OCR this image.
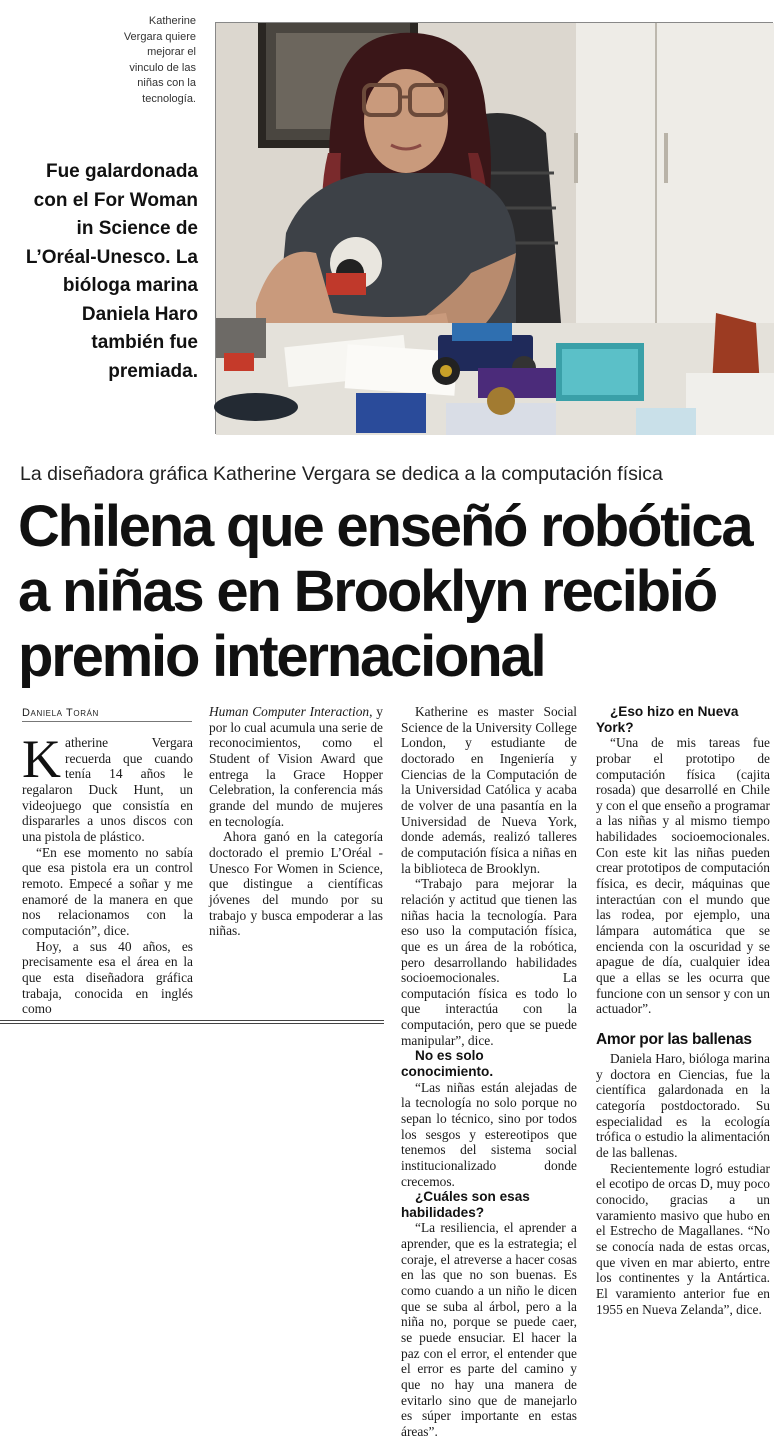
Katherine Vergara quiere mejorar el vinculo de las niñas con la tecnología.
Fue galardonada con el For Woman in Science de L’Oréal-Unesco. La bióloga marina Daniela Haro también fue premiada.
La diseñadora gráfica Katherine Vergara se dedica a la computación física
Chilena que enseñó robótica
a niñas en Brooklyn recibió
premio internacional
Daniela Torán

Katherine Vergara recuerda que cuando tenía 14 años le regalaron Duck Hunt, un videojuego que consistía en dispararles a unos discos con una pistola de plástico.

“En ese momento no sabía que esa pistola era un control remoto. Empecé a soñar y me enamoré de la manera en que nos relacionamos con la computación”, dice.

Hoy, a sus 40 años, es precisamente esa el área en la que esta diseñadora gráfica trabaja, conocida en inglés como

Human Computer Interaction, y por lo cual acumula una serie de reconocimientos, como el Student of Vision Award que entrega la Grace Hopper Celebration, la conferencia más grande del mundo de mujeres en tecnología.

Ahora ganó en la categoría doctorado el premio L’Oréal -Unesco For Women in Science, que distingue a científicas jóvenes del mundo por su trabajo y busca empoderar a las niñas.

Katherine es master Social Science de la University College London, y estudiante de doctorado en Ingeniería y Ciencias de la Computación de la Universidad Católica y acaba de volver de una pasantía en la Universidad de Nueva York, donde además, realizó talleres de computación física a niñas en la biblioteca de Brooklyn.

“Trabajo para mejorar la relación y actitud que tienen las niñas hacia la tecnología. Para eso uso la computación física, que es un área de la robótica, pero desarrollando habilidades socioemocionales. La computación física es todo lo que interactúa con la computación, pero que se puede manipular”, dice.

No es solo conocimiento.

“Las niñas están alejadas de la tecnología no solo porque no sepan lo técnico, sino por todos los sesgos y estereotipos que tenemos del sistema social institucionalizado donde crecemos.

¿Cuáles son esas habilidades?

“La resiliencia, el aprender a aprender, que es la estrategia; el coraje, el atreverse a hacer cosas en las que no son buenas. Es como cuando a un niño le dicen que se suba al árbol, pero a la niña no, porque se puede caer, se puede ensuciar. El hacer la paz con el error, el entender que el error es parte del camino y que no hay una manera de evitarlo sino que de manejarlo es súper importante en estas áreas”.

¿Eso hizo en Nueva York?

“Una de mis tareas fue probar el prototipo de computación física (cajita rosada) que desarrollé en Chile y con el que enseño a programar a las niñas y al mismo tiempo habilidades socioemocionales. Con este kit las niñas pueden crear prototipos de computación física, es decir, máquinas que interactúan con el mundo que las rodea, por ejemplo, una lámpara automática que se encienda con la oscuridad y se apague de día, cualquier idea que a ellas se les ocurra que funcione con un sensor y con un actuador”.

Amor por las ballenas

Daniela Haro, bióloga marina y doctora en Ciencias, fue la científica galardonada en la categoría postdoctorado. Su especialidad es la ecología trófica o estudio la alimentación de las ballenas.

Recientemente logró estudiar el ecotipo de orcas D, muy poco conocido, gracias a un varamiento masivo que hubo en el Estrecho de Magallanes. “No se conocía nada de estas orcas, que viven en mar abierto, entre los continentes y la Antártica. El varamiento anterior fue en 1955 en Nueva Zelanda”, dice.
